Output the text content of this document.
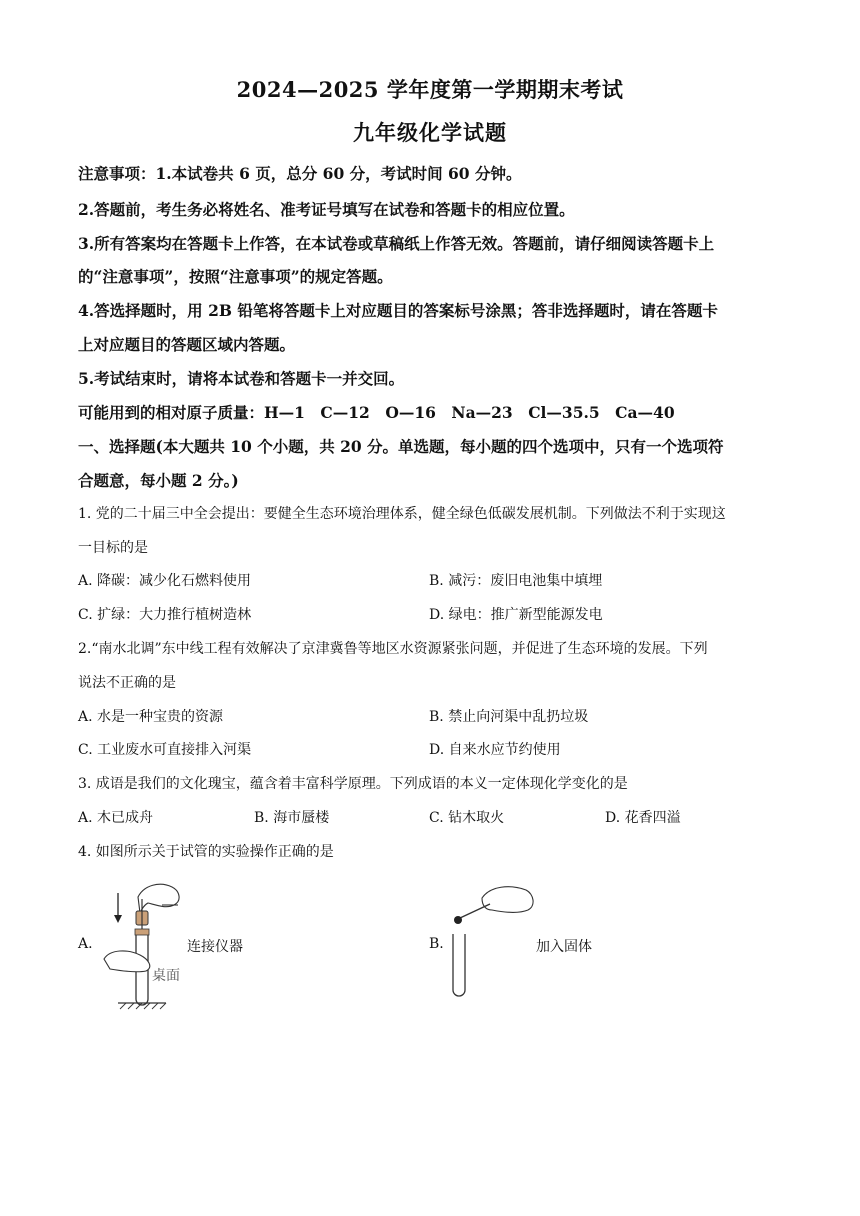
2024—2025 学年度第一学期期末考试
九年级化学试题
注意事项：1.本试卷共 6 页，总分 60 分，考试时间 60 分钟。
2.答题前，考生务必将姓名、准考证号填写在试卷和答题卡的相应位置。
3.所有答案均在答题卡上作答，在本试卷或草稿纸上作答无效。答题前，请仔细阅读答题卡上
的“注意事项”，按照“注意事项”的规定答题。
4.答选择题时，用 2B 铅笔将答题卡上对应题目的答案标号涂黑；答非选择题时，请在答题卡
上对应题目的答题区域内答题。
5.考试结束时，请将本试卷和答题卡一并交回。
可能用到的相对原子质量：H—1　C—12　O—16　Na—23　Cl—35.5　Ca—40
一、选择题(本大题共 10 个小题，共 20 分。单选题，每小题的四个选项中，只有一个选项符
合题意，每小题 2 分。)
1. 党的二十届三中全会提出：要健全生态环境治理体系，健全绿色低碳发展机制。下列做法不利于实现这
一目标的是
A. 降碳：减少化石燃料使用	B. 减污：废旧电池集中填埋
C. 扩绿：大力推行植树造林	D. 绿电：推广新型能源发电
2.“南水北调”东中线工程有效解决了京津冀鲁等地区水资源紧张问题，并促进了生态环境的发展。下列
说法不正确的是
A. 水是一种宝贵的资源	B. 禁止向河渠中乱扔垃圾
C. 工业废水可直接排入河渠	D. 自来水应节约使用
3. 成语是我们的文化瑰宝，蕴含着丰富科学原理。下列成语的本义一定体现化学变化的是
A. 木已成舟	B. 海市蜃楼	C. 钻木取火	D. 花香四溢
4. 如图所示关于试管的实验操作正确的是
A.
桌面
连接仪器	B.	加入固体
